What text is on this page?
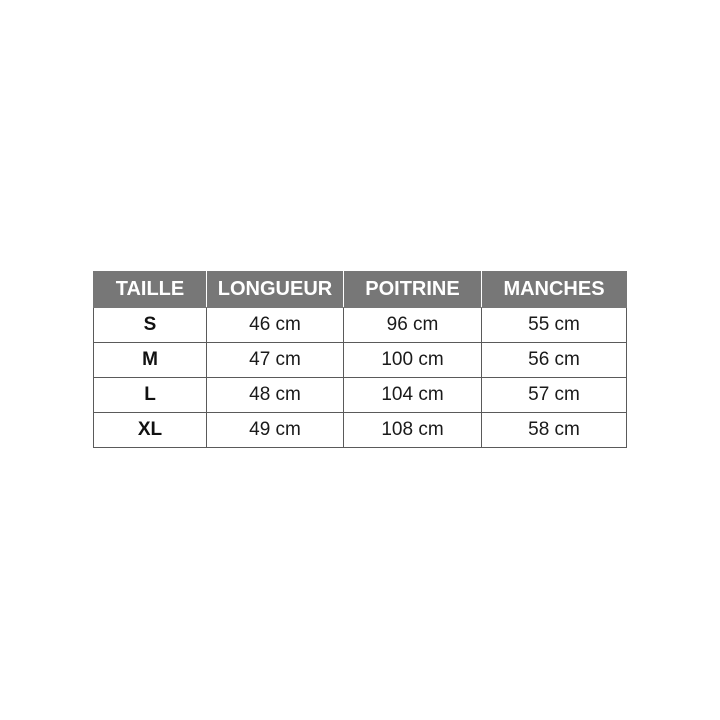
TAILLE	LONGUEUR	POITRINE	MANCHES
S	46 cm	96 cm	55 cm
M	47 cm	100 cm	56 cm
L	48 cm	104 cm	57 cm
XL	49 cm	108 cm	58 cm
